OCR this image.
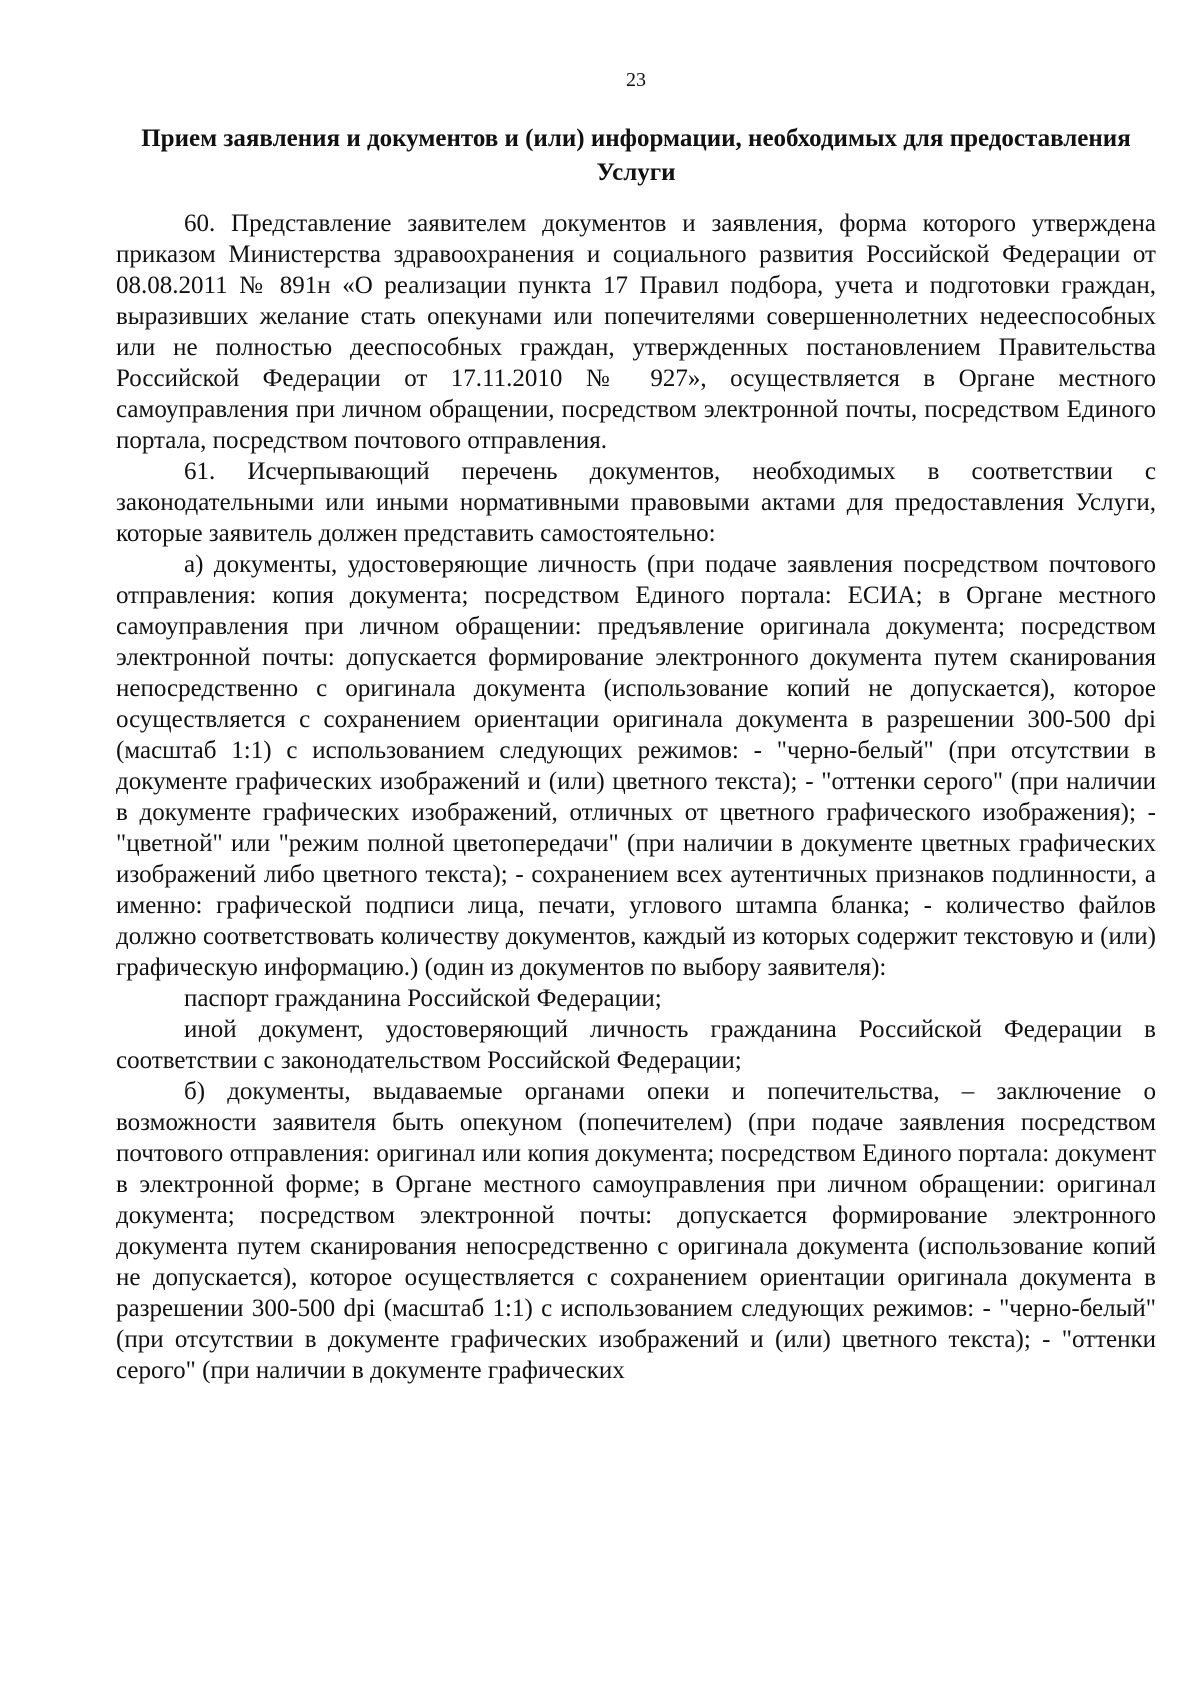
23
Прием заявления и документов и (или) информации, необходимых для предоставления Услуги

60. Представление заявителем документов и заявления, форма которого утверждена приказом Министерства здравоохранения и социального развития Российской Федерации от 08.08.2011 № 891н «О реализации пункта 17 Правил подбора, учета и подготовки граждан, выразивших желание стать опекунами или попечителями совершеннолетних недееспособных или не полностью дееспособных граждан, утвержденных постановлением Правительства Российской Федерации от 17.11.2010 № 927», осуществляется в Органе местного самоуправления при личном обращении, посредством электронной почты, посредством Единого портала, посредством почтового отправления.

61. Исчерпывающий перечень документов, необходимых в соответствии с законодательными или иными нормативными правовыми актами для предоставления Услуги, которые заявитель должен представить самостоятельно:

а) документы, удостоверяющие личность (при подаче заявления посредством почтового отправления: копия документа; посредством Единого портала: ЕСИА; в Органе местного самоуправления при личном обращении: предъявление оригинала документа; посредством электронной почты: допускается формирование электронного документа путем сканирования непосредственно с оригинала документа (использование копий не допускается), которое осуществляется с сохранением ориентации оригинала документа в разрешении 300-500 dpi (масштаб 1:1) с использованием следующих режимов: - "черно-белый" (при отсутствии в документе графических изображений и (или) цветного текста); - "оттенки серого" (при наличии в документе графических изображений, отличных от цветного графического изображения); - "цветной" или "режим полной цветопередачи" (при наличии в документе цветных графических изображений либо цветного текста); - сохранением всех аутентичных признаков подлинности, а именно: графической подписи лица, печати, углового штампа бланка; - количество файлов должно соответствовать количеству документов, каждый из которых содержит текстовую и (или) графическую информацию.) (один из документов по выбору заявителя):

паспорт гражданина Российской Федерации;

иной документ, удостоверяющий личность гражданина Российской Федерации в соответствии с законодательством Российской Федерации;

б) документы, выдаваемые органами опеки и попечительства, – заключение о возможности заявителя быть опекуном (попечителем) (при подаче заявления посредством почтового отправления: оригинал или копия документа; посредством Единого портала: документ в электронной форме; в Органе местного самоуправления при личном обращении: оригинал документа; посредством электронной почты: допускается формирование электронного документа путем сканирования непосредственно с оригинала документа (использование копий не допускается), которое осуществляется с сохранением ориентации оригинала документа в разрешении 300-500 dpi (масштаб 1:1) с использованием следующих режимов: - "черно-белый" (при отсутствии в документе графических изображений и (или) цветного текста); - "оттенки серого" (при наличии в документе графических
